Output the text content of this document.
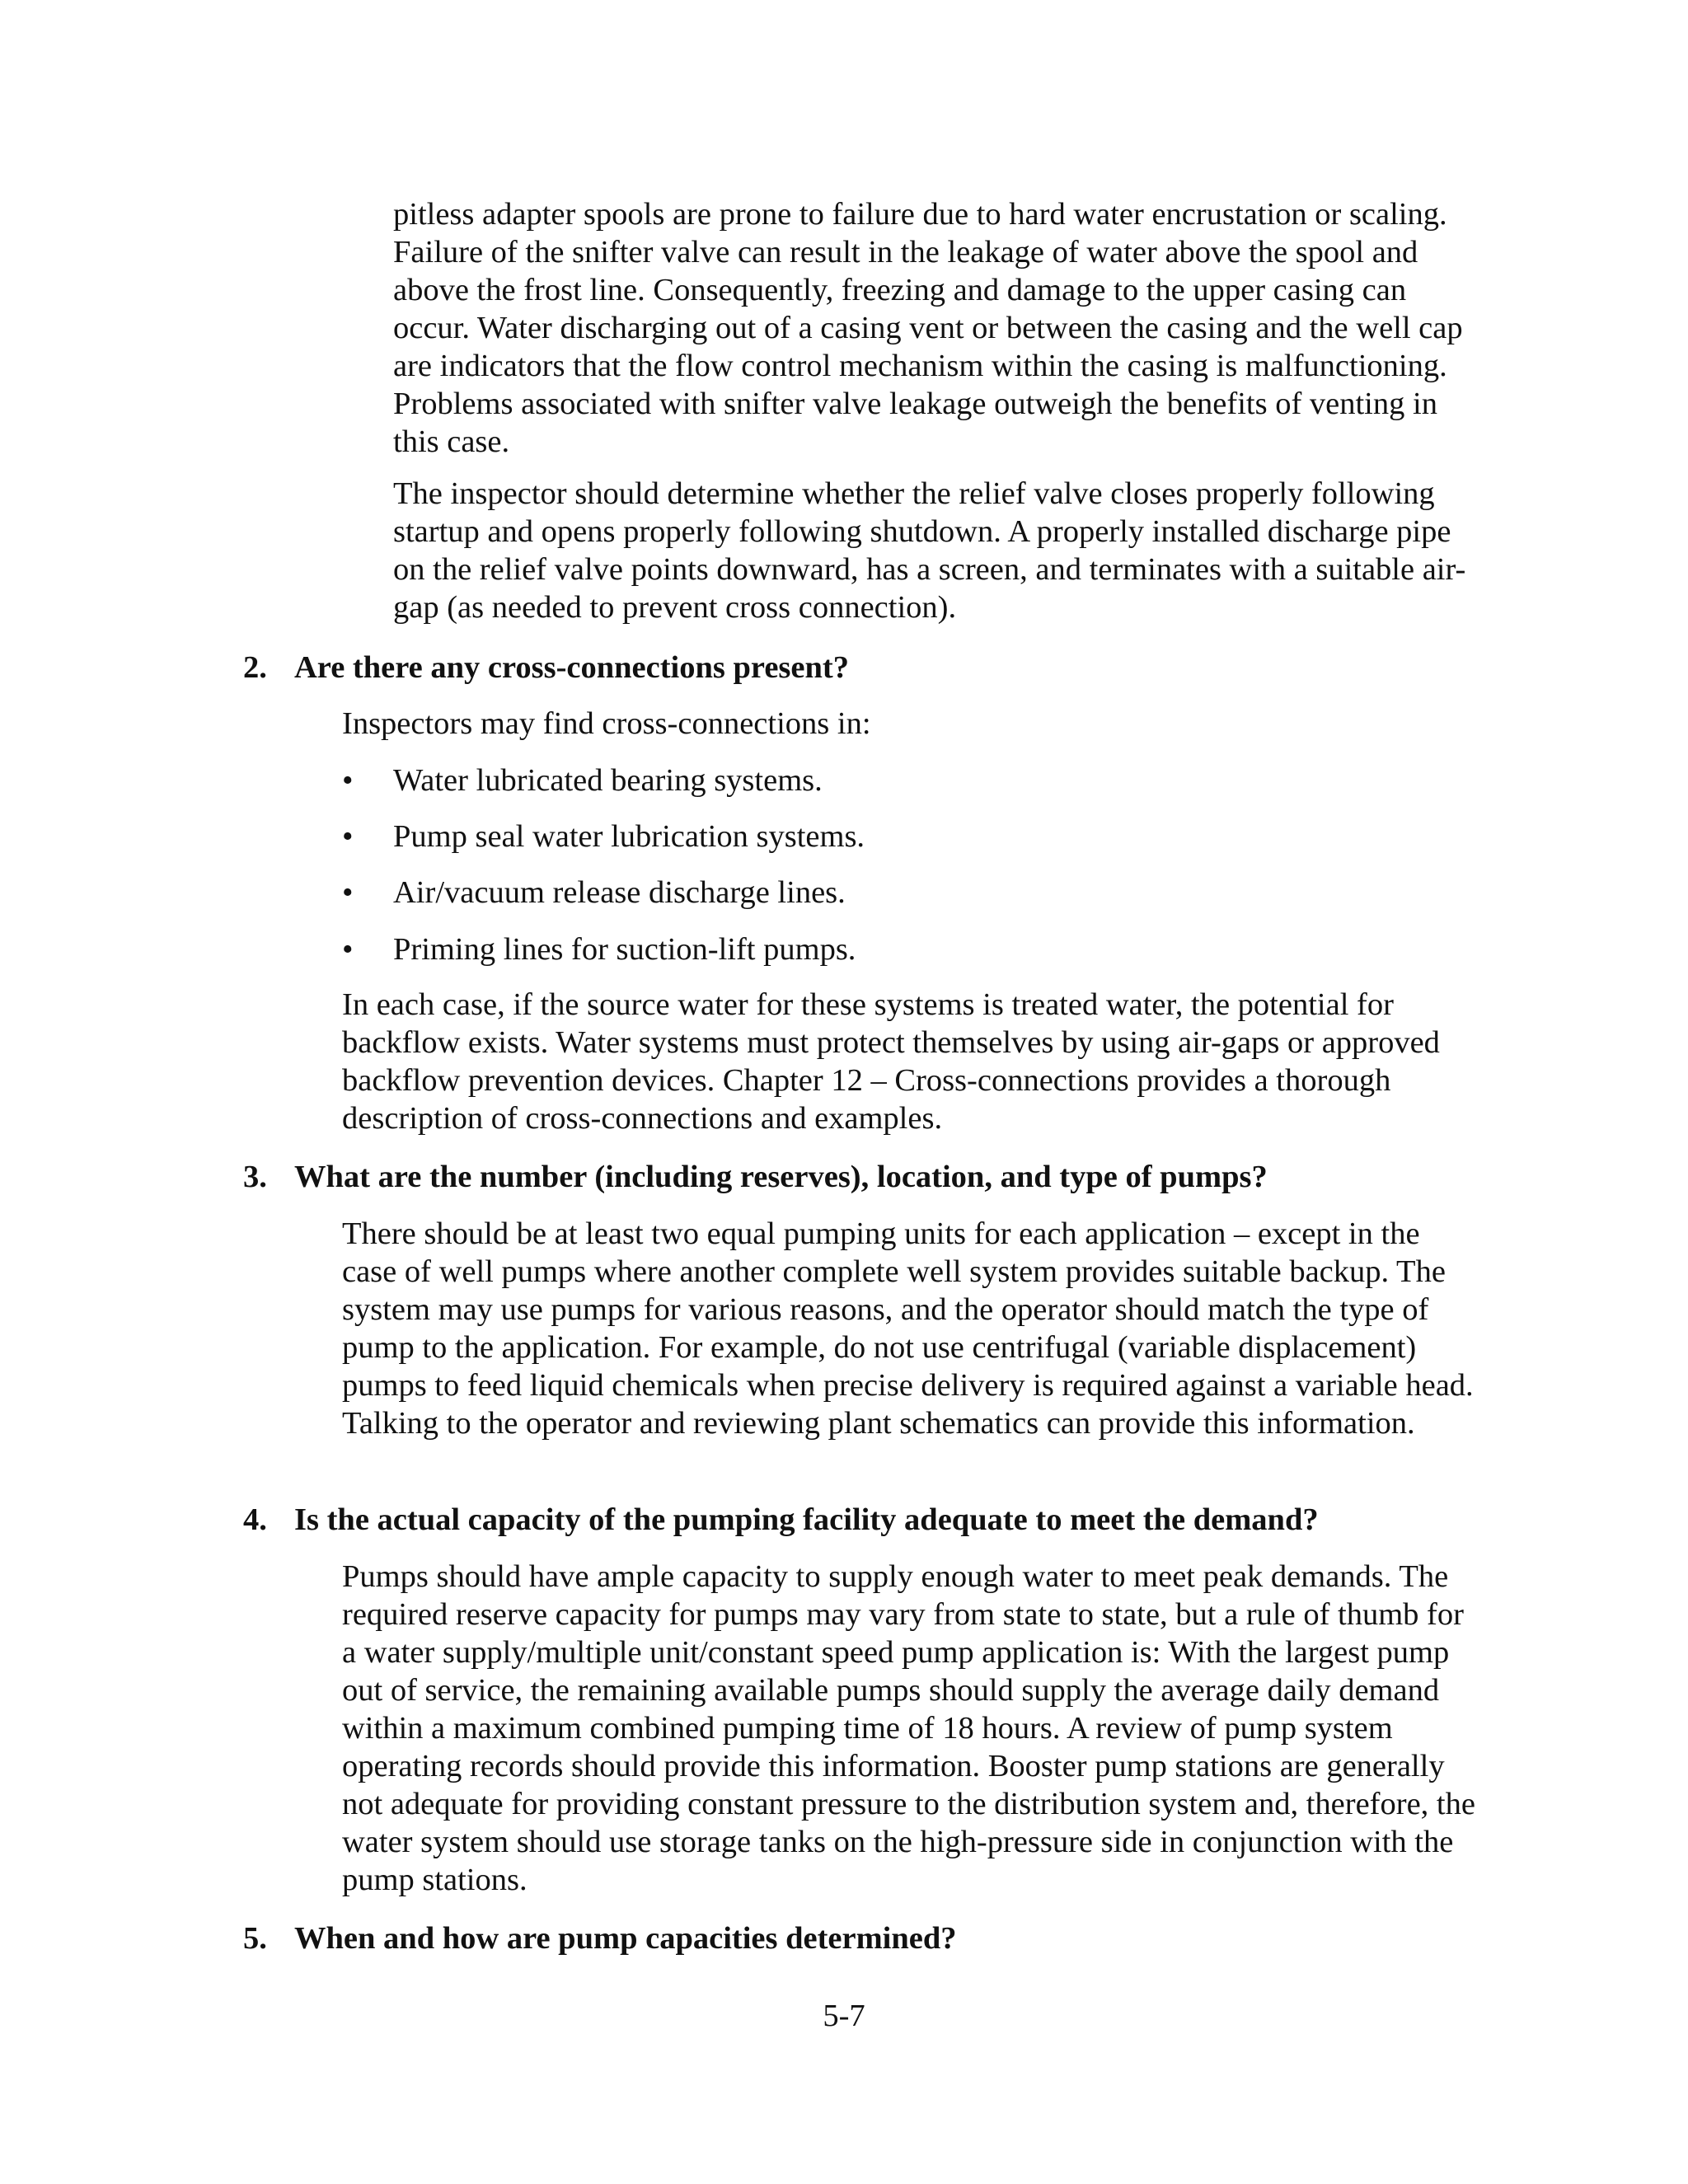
pitless adapter spools are prone to failure due to hard water encrustation or scaling. Failure of the snifter valve can result in the leakage of water above the spool and above the frost line. Consequently, freezing and damage to the upper casing can occur. Water discharging out of a casing vent or between the casing and the well cap are indicators that the flow control mechanism within the casing is malfunctioning. Problems associated with snifter valve leakage outweigh the benefits of venting in this case.

The inspector should determine whether the relief valve closes properly following startup and opens properly following shutdown. A properly installed discharge pipe on the relief valve points downward, has a screen, and terminates with a suitable air-gap (as needed to prevent cross connection).

2. Are there any cross-connections present?

Inspectors may find cross-connections in:

• Water lubricated bearing systems.
• Pump seal water lubrication systems.
• Air/vacuum release discharge lines.
• Priming lines for suction-lift pumps.

In each case, if the source water for these systems is treated water, the potential for backflow exists. Water systems must protect themselves by using air-gaps or approved backflow prevention devices. Chapter 12 – Cross-connections provides a thorough description of cross-connections and examples.

3. What are the number (including reserves), location, and type of pumps?

There should be at least two equal pumping units for each application – except in the case of well pumps where another complete well system provides suitable backup. The system may use pumps for various reasons, and the operator should match the type of pump to the application. For example, do not use centrifugal (variable displacement) pumps to feed liquid chemicals when precise delivery is required against a variable head. Talking to the operator and reviewing plant schematics can provide this information.

4. Is the actual capacity of the pumping facility adequate to meet the demand?

Pumps should have ample capacity to supply enough water to meet peak demands. The required reserve capacity for pumps may vary from state to state, but a rule of thumb for a water supply/multiple unit/constant speed pump application is: With the largest pump out of service, the remaining available pumps should supply the average daily demand within a maximum combined pumping time of 18 hours. A review of pump system operating records should provide this information. Booster pump stations are generally not adequate for providing constant pressure to the distribution system and, therefore, the water system should use storage tanks on the high-pressure side in conjunction with the pump stations.

5. When and how are pump capacities determined?
5-7
